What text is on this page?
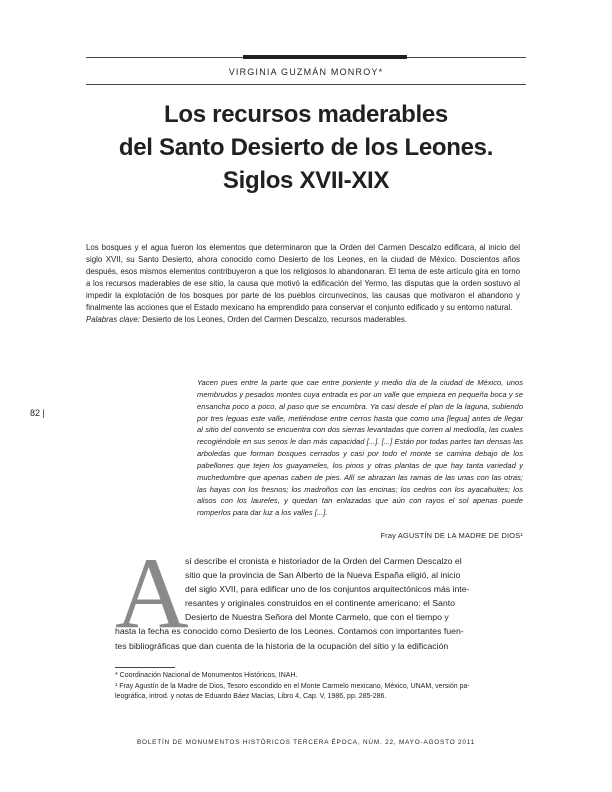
VIRGINIA GUZMÁN MONROY*
Los recursos maderables
del Santo Desierto de los Leones.
Siglos XVII-XIX
Los bosques y el agua fueron los elementos que determinaron que la Orden del Carmen Descalzo edificara, al inicio del siglo XVII, su Santo Desierto, ahora conocido como Desierto de los Leones, en la ciudad de México. Doscientos años después, esos mismos elementos contribuyeron a que los religiosos lo abandonaran. El tema de este artículo gira en torno a los recursos maderables de ese sitio, la causa que motivó la edificación del Yermo, las disputas que la orden sostuvo al impedir la explotación de los bosques por parte de los pueblos circunvecinos, las causas que motivaron el abandono y finalmente las acciones que el Estado mexicano ha emprendido para conservar el conjunto edificado y su entorno natural.
Palabras clave: Desierto de los Leones, Orden del Carmen Descalzo, recursos maderables.
82 |
Yacen pues entre la parte que cae entre poniente y medio día de la ciudad de México, unos membrudos y pesados montes cuya entrada es por un valle que empieza en pequeña boca y se ensancha poco a poco, al paso que se encumbra. Ya casi desde el plan de la laguna, subiendo por tres leguas este valle, metiéndose entre cerros hasta que como una [legua] antes de llegar al sitio del convento se encuentra con dos sierras levantadas que corren al mediodía, las cuales recogiéndole en sus senos le dan más capacidad [...]. [...] Están por todas partes tan densas las arboledas que forman bosques cerrados y casi por todo el monte se camina debajo de los pabellones que tejen los guayameles, los pinos y otras plantas de que hay tanta variedad y muchedumbre que apenas caben de pies. Allí se abrazan las ramas de las unas con las otras; las hayas con los fresnos; los madroños con las encinas; los cedros con los ayacahuites; los alisos con los laureles, y quedan tan enlazadas que aún con rayos el sol apenas puede romperlos para dar luz a los valles [...].
Fray AGUSTÍN DE LA MADRE DE DIOS¹
A
sí describe el cronista e historiador de la Orden del Carmen Descalzo el
sitio que la provincia de San Alberto de la Nueva España eligió, al inicio
del siglo XVII, para edificar uno de los conjuntos arquitectónicos más inte-
resantes y originales construidos en el continente americano: el Santo
Desierto de Nuestra Señora del Monte Carmelo, que con el tiempo y
hasta la fecha es conocido como Desierto de los Leones. Contamos con importantes fuen-
tes bibliográficas que dan cuenta de la historia de la ocupación del sitio y la edificación
* Coordinación Nacional de Monumentos Históricos, INAH.
¹ Fray Agustín de la Madre de Dios, Tesoro escondido en el Monte Carmelo mexicano, México, UNAM, versión pa-
leográfica, introd. y notas de Eduardo Báez Macías, Libro 4, Cap. V, 1986, pp. 285-286.
BOLETÍN DE MONUMENTOS HISTÓRICOS TERCERA ÉPOCA, NÚM. 22, MAYO-AGOSTO 2011
